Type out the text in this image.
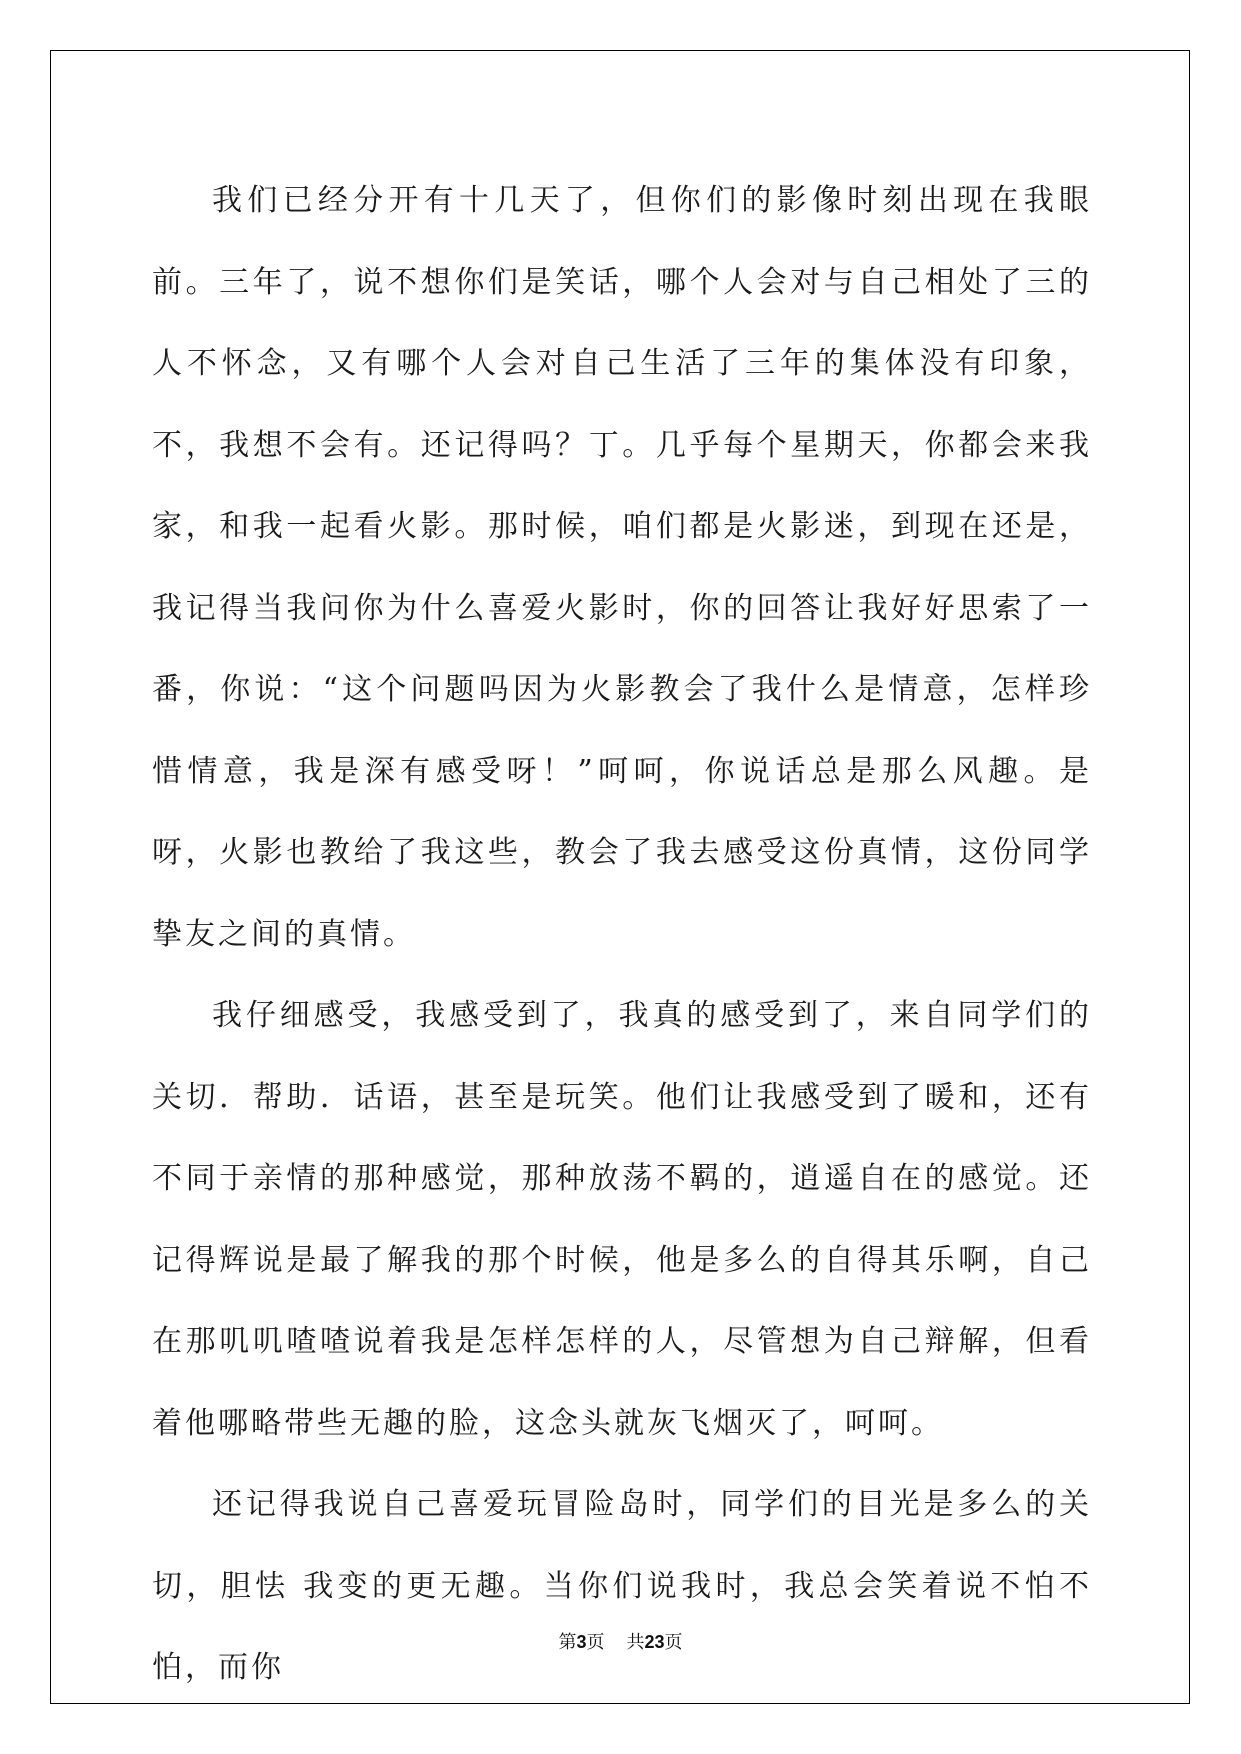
我们已经分开有十几天了，但你们的影像时刻出现在我眼前。三年了，说不想你们是笑话，哪个人会对与自己相处了三的人不怀念，又有哪个人会对自己生活了三年的集体没有印象，不，我想不会有。还记得吗？丁。几乎每个星期天，你都会来我家，和我一起看火影。那时候，咱们都是火影迷，到现在还是，我记得当我问你为什么喜爱火影时，你的回答让我好好思索了一番，你说：“这个问题吗因为火影教会了我什么是情意，怎样珍惜情意，我是深有感受呀！”呵呵，你说话总是那么风趣。是呀，火影也教给了我这些，教会了我去感受这份真情，这份同学挚友之间的真情。

我仔细感受，我感受到了，我真的感受到了，来自同学们的关切．帮助．话语，甚至是玩笑。他们让我感受到了暖和，还有不同于亲情的那种感觉，那种放荡不羁的，逍遥自在的感觉。还记得辉说是最了解我的那个时候，他是多么的自得其乐啊，自己在那叽叽喳喳说着我是怎样怎样的人，尽管想为自己辩解，但看着他哪略带些无趣的脸，这念头就灰飞烟灭了，呵呵。

还记得我说自己喜爱玩冒险岛时，同学们的目光是多么的关切，胆怯 我变的更无趣。当你们说我时，我总会笑着说不怕不怕，而你

第3页 共23页
